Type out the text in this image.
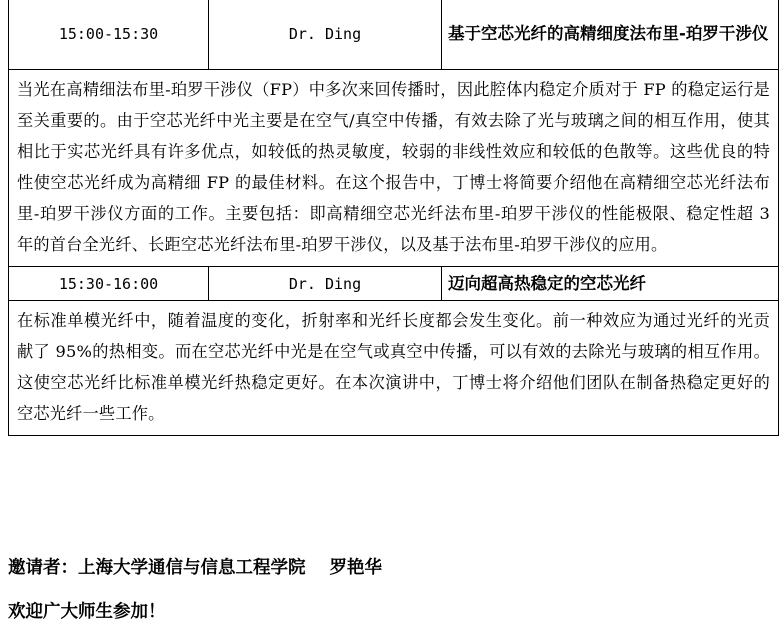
15:00-15:30	Dr. Ding	基于空芯光纤的高精细度法布里-珀罗干涉仪
当光在高精细法布里-珀罗干涉仪（FP）中多次来回传播时，因此腔体内稳定介质对于 FP 的稳定运行是至关重要的。由于空芯光纤中光主要是在空气/真空中传播，有效去除了光与玻璃之间的相互作用，使其相比于实芯光纤具有许多优点，如较低的热灵敏度，较弱的非线性效应和较低的色散等。这些优良的特性使空芯光纤成为高精细 FP 的最佳材料。在这个报告中，丁博士将简要介绍他在高精细空芯光纤法布里-珀罗干涉仪方面的工作。主要包括：即高精细空芯光纤法布里-珀罗干涉仪的性能极限、稳定性超 3 年的首台全光纤、长距空芯光纤法布里-珀罗干涉仪，以及基于法布里-珀罗干涉仪的应用。		
15:30-16:00	Dr. Ding	迈向超高热稳定的空芯光纤
在标准单模光纤中，随着温度的变化，折射率和光纤长度都会发生变化。前一种效应为通过光纤的光贡献了 95%的热相变。而在空芯光纤中光是在空气或真空中传播，可以有效的去除光与玻璃的相互作用。这使空芯光纤比标准单模光纤热稳定更好。在本次演讲中，丁博士将介绍他们团队在制备热稳定更好的空芯光纤一些工作。		
邀请者：上海大学通信与信息工程学院 罗艳华
欢迎广大师生参加！
